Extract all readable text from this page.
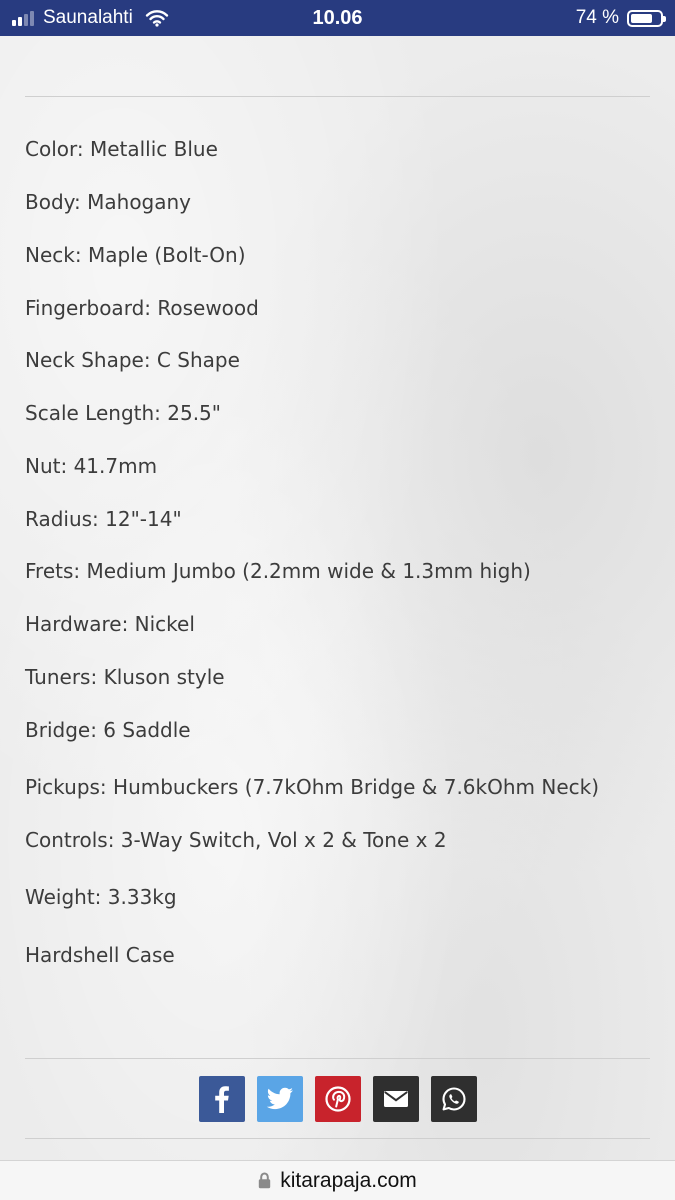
Saunalahti	10.06	74 %
Color: Metallic Blue
Body: Mahogany
Neck: Maple (Bolt-On)
Fingerboard: Rosewood
Neck Shape: C Shape
Scale Length: 25.5"
Nut: 41.7mm
Radius: 12"-14"
Frets: Medium Jumbo (2.2mm wide & 1.3mm high)
Hardware: Nickel
Tuners: Kluson style
Bridge: 6 Saddle
Pickups: Humbuckers (7.7kOhm Bridge & 7.6kOhm Neck)
Controls: 3-Way Switch, Vol x 2 & Tone x 2
Weight: 3.33kg
Hardshell Case
kitarapaja.com
